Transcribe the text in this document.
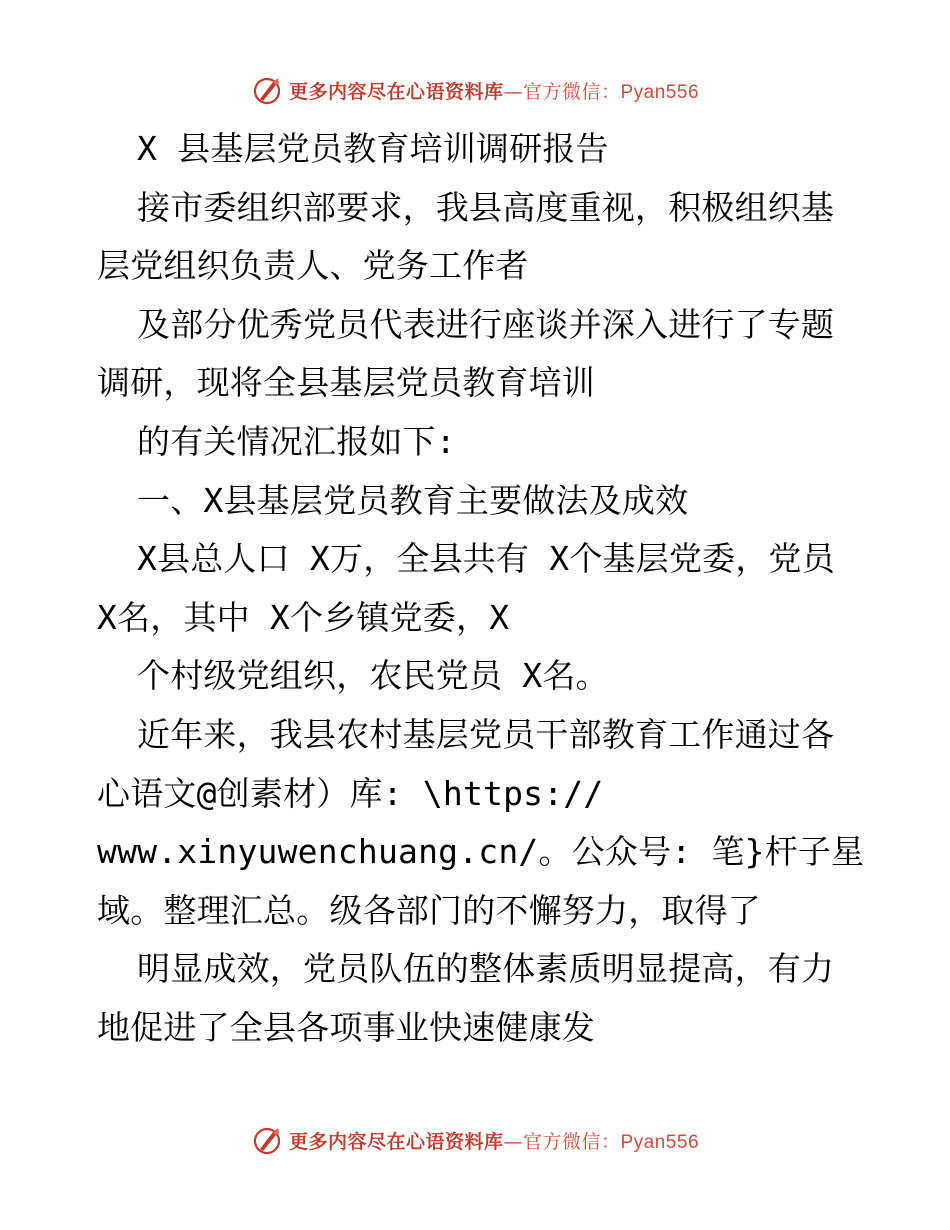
更多内容尽在心语资料库—官方微信：Pyan556
X 县基层党员教育培训调研报告
接市委组织部要求，我县高度重视，积极组织基
层党组织负责人、党务工作者
及部分优秀党员代表进行座谈并深入进行了专题
调研，现将全县基层党员教育培训
的有关情况汇报如下:
一、X县基层党员教育主要做法及成效
X县总人口 X万，全县共有 X个基层党委，党员
X名，其中 X个乡镇党委，X
个村级党组织，农民党员 X名。
近年来，我县农村基层党员干部教育工作通过各
心语文@创素材）库: \https://
www.xinyuwenchuang.cn/。公众号: 笔}杆子星
域。整理汇总。级各部门的不懈努力，取得了
明显成效，党员队伍的整体素质明显提高，有力
地促进了全县各项事业快速健康发
更多内容尽在心语资料库—官方微信：Pyan556
